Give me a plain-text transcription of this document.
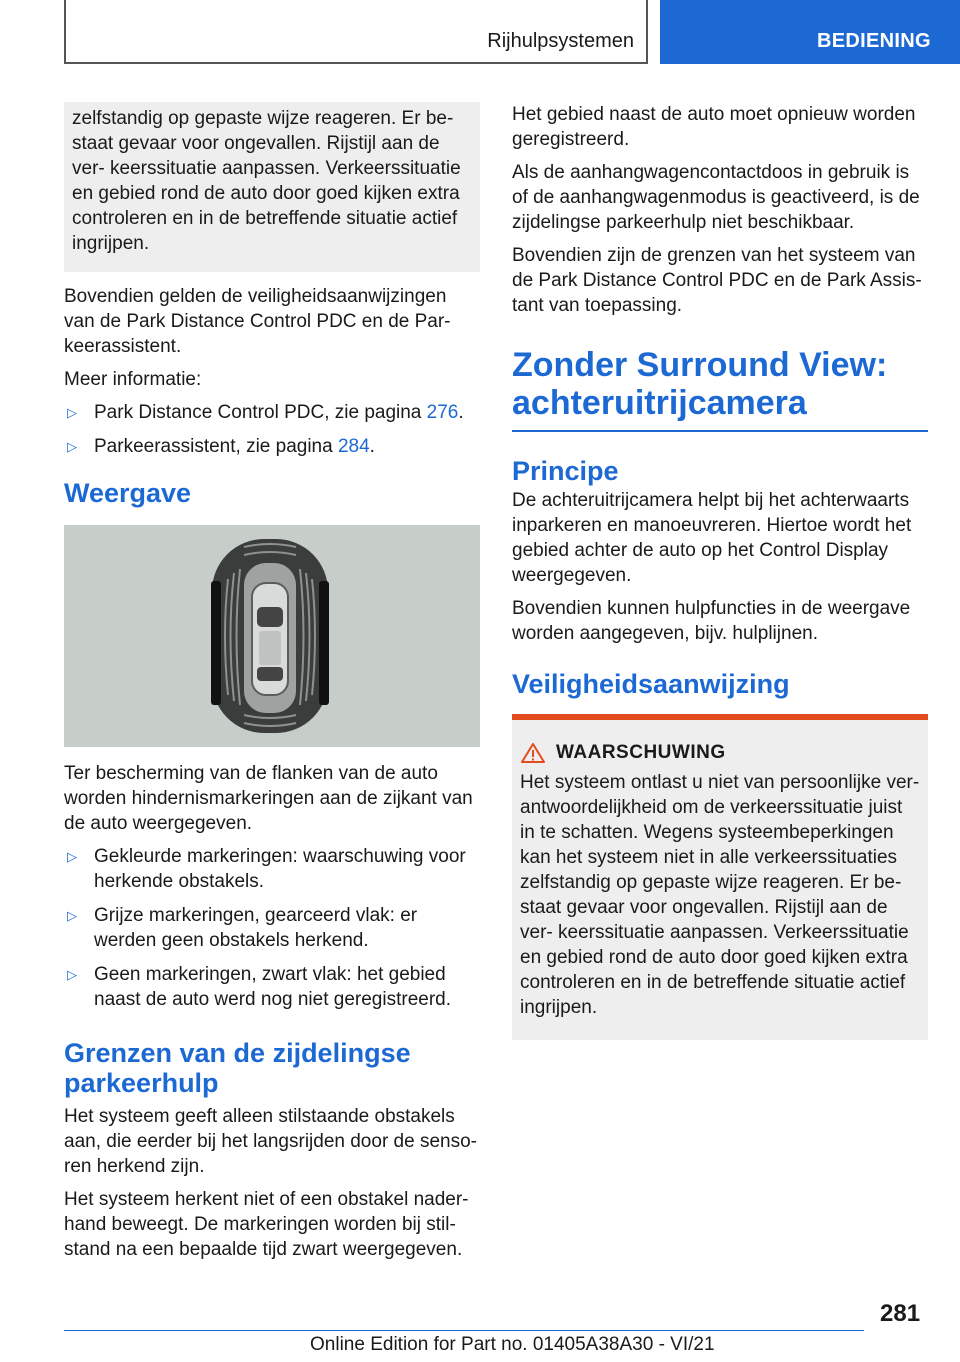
Rijhulpsystemen	BEDIENING

zelfstandig op gepaste wijze reageren. Er be‐ staat gevaar voor ongevallen. Rijstijl aan de ver‐ keerssituatie aanpassen. Verkeerssituatie en gebied rond de auto door goed kijken extra controleren en in de betreffende situatie actief ingrijpen.

Bovendien gelden de veiligheidsaanwijzingen van de Park Distance Control PDC en de Par‐ keerassistent.

Meer informatie:

▷ Park Distance Control PDC, zie pagina 276.
▷ Parkeerassistent, zie pagina 284.
Weergave

Ter bescherming van de flanken van de auto worden hindernismarkeringen aan de zijkant van de auto weergegeven.

▷ Gekleurde markeringen: waarschuwing voor herkende obstakels.
▷ Grijze markeringen, gearceerd vlak: er werden geen obstakels herkend.
▷ Geen markeringen, zwart vlak: het gebied naast de auto werd nog niet geregistreerd.
Grenzen van de zijdelingse parkeerhulp

Het systeem geeft alleen stilstaande obstakels aan, die eerder bij het langsrijden door de senso‐ ren herkend zijn.

Het systeem herkent niet of een obstakel nader‐ hand beweegt. De markeringen worden bij stil‐ stand na een bepaalde tijd zwart weergegeven.

Het gebied naast de auto moet opnieuw worden geregistreerd.

Als de aanhangwagencontactdoos in gebruik is of de aanhangwagenmodus is geactiveerd, is de zijdelingse parkeerhulp niet beschikbaar.

Bovendien zijn de grenzen van het systeem van de Park Distance Control PDC en de Park Assis‐ tant van toepassing.

Zonder Surround View: achteruitrijcamera
Principe

De achteruitrijcamera helpt bij het achterwaarts inparkeren en manoeuvreren. Hiertoe wordt het gebied achter de auto op het Control Display weergegeven.

Bovendien kunnen hulpfuncties in de weergave worden aangegeven, bijv. hulplijnen.

Veiligheidsaanwijzing
WAARSCHUWING

Het systeem ontlast u niet van persoonlijke ver‐ antwoordelijkheid om de verkeerssituatie juist in te schatten. Wegens systeembeperkingen kan het systeem niet in alle verkeerssituaties zelfstandig op gepaste wijze reageren. Er be‐ staat gevaar voor ongevallen. Rijstijl aan de ver‐ keerssituatie aanpassen. Verkeerssituatie en gebied rond de auto door goed kijken extra controleren en in de betreffende situatie actief ingrijpen.

281
Online Edition for Part no. 01405A38A30 - VI/21
